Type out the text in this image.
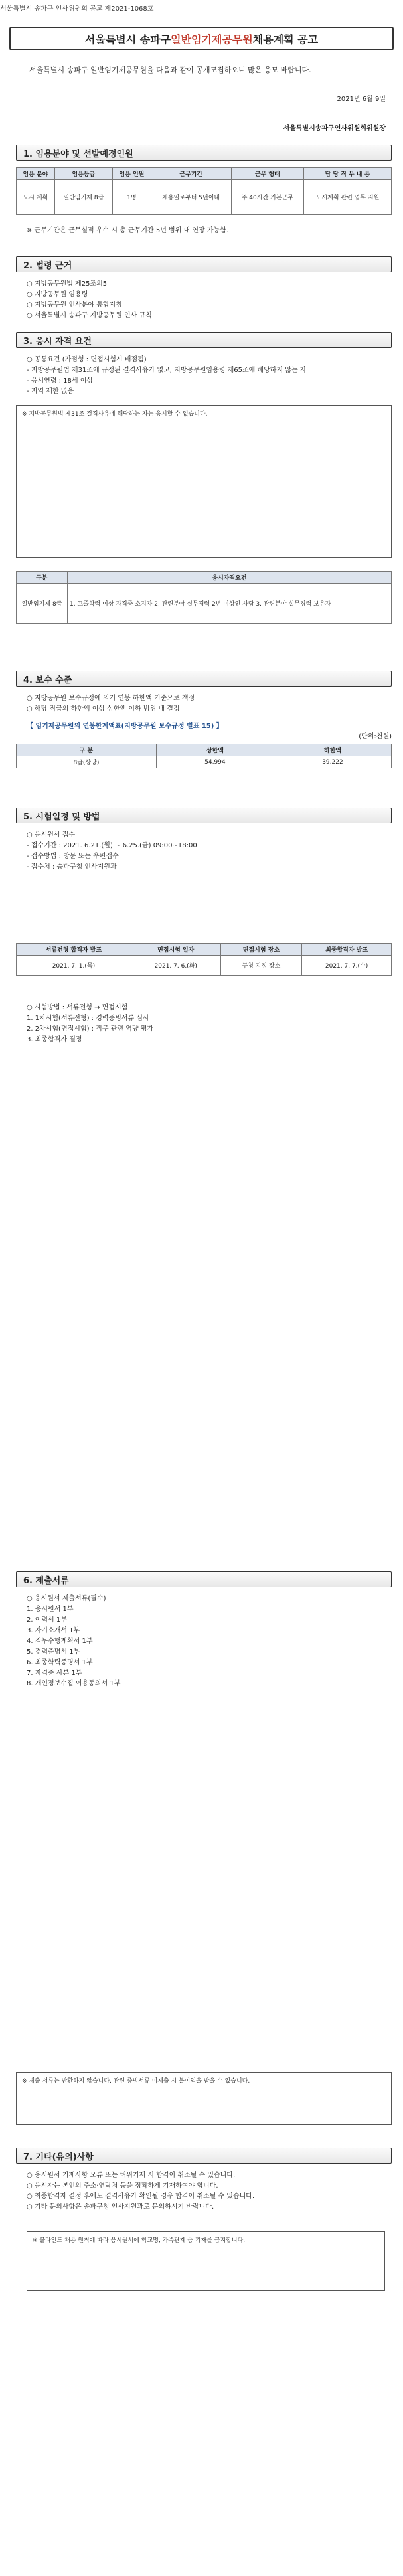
서울특별시 송파구 인사위원회 공고 제2021-1068호
서울특별시 송파구 일반임기제공무원 채용계획 공고
서울특별시 송파구 일반임기제공무원을 다음과 같이 공개모집하오니 많은 응모 바랍니다.
2021년 6월 9일
서울특별시송파구인사위원회위원장
1. 임용분야 및 선발예정인원
임용 분야	임용등급	임용 인원	근무기간	근무 형태	담 당 직 무 내 용
도시 계획	일반임기제 8급	1명	채용일로부터 5년이내	주 40시간 기본근무	도시계획 관련 업무 지원
※ 근무기간은 근무실적 우수 시 총 근무기간 5년 범위 내 연장 가능함.
2. 법령 근거
○ 지방공무원법 제25조의5
○ 지방공무원 임용령
○ 지방공무원 인사분야 통합지침
○ 서울특별시 송파구 지방공무원 인사 규칙
3. 응시 자격 요건
○ 공통요건 (가점형 : 면접시험시 배점됨)
- 지방공무원법 제31조에 규정된 결격사유가 없고, 지방공무원임용령 제65조에 해당하지 않는 자
- 응시연령 : 18세 이상
- 지역 제한 없음
※ 지방공무원법 제31조 결격사유에 해당하는 자는 응시할 수 없습니다.
구분	응시자격요건
일반임기제 8급	1. 고졸학력 이상 자격증 소지자 2. 관련분야 실무경력 2년 이상인 사람 3. 관련분야 실무경력 보유자
4. 보수 수준
○ 지방공무원 보수규정에 의거 연봉 하한액 기준으로 책정
○ 해당 직급의 하한액 이상 상한액 이하 범위 내 결정
【 임기제공무원의 연봉한계액표(지방공무원 보수규정 별표 15) 】
(단위:천원)
구 분	상한액	하한액
8급(상당)	54,994	39,222
5. 시험일정 및 방법
○ 응시원서 접수
- 접수기간 : 2021. 6.21.(월) ~ 6.25.(금) 09:00~18:00
- 접수방법 : 방문 또는 우편접수
- 접수처 : 송파구청 인사지원과
서류전형 합격자 발표	면접시험 일자	면접시험 장소	최종합격자 발표
2021. 7. 1.(목)	2021. 7. 6.(화)	구청 지정 장소	2021. 7. 7.(수)
○ 시험방법 : 서류전형 → 면접시험
1. 1차시험(서류전형) : 경력증빙서류 심사
2. 2차시험(면접시험) : 직무 관련 역량 평가
3. 최종합격자 결정
6. 제출서류
○ 응시원서 제출서류(필수)
1. 응시원서 1부
2. 이력서 1부
3. 자기소개서 1부
4. 직무수행계획서 1부
5. 경력증명서 1부
6. 최종학력증명서 1부
7. 자격증 사본 1부
8. 개인정보수집 이용동의서 1부
※ 제출 서류는 반환하지 않습니다. 관련 증빙서류 미제출 시 불이익을 받을 수 있습니다.
7. 기타(유의)사항
○ 응시원서 기재사항 오류 또는 허위기재 시 합격이 취소될 수 있습니다.
○ 응시자는 본인의 주소·연락처 등을 정확하게 기재하여야 합니다.
○ 최종합격자 결정 후에도 결격사유가 확인될 경우 합격이 취소될 수 있습니다.
○ 기타 문의사항은 송파구청 인사지원과로 문의하시기 바랍니다.
※ 블라인드 채용 원칙에 따라 응시원서에 학교명, 가족관계 등 기재를 금지합니다.
